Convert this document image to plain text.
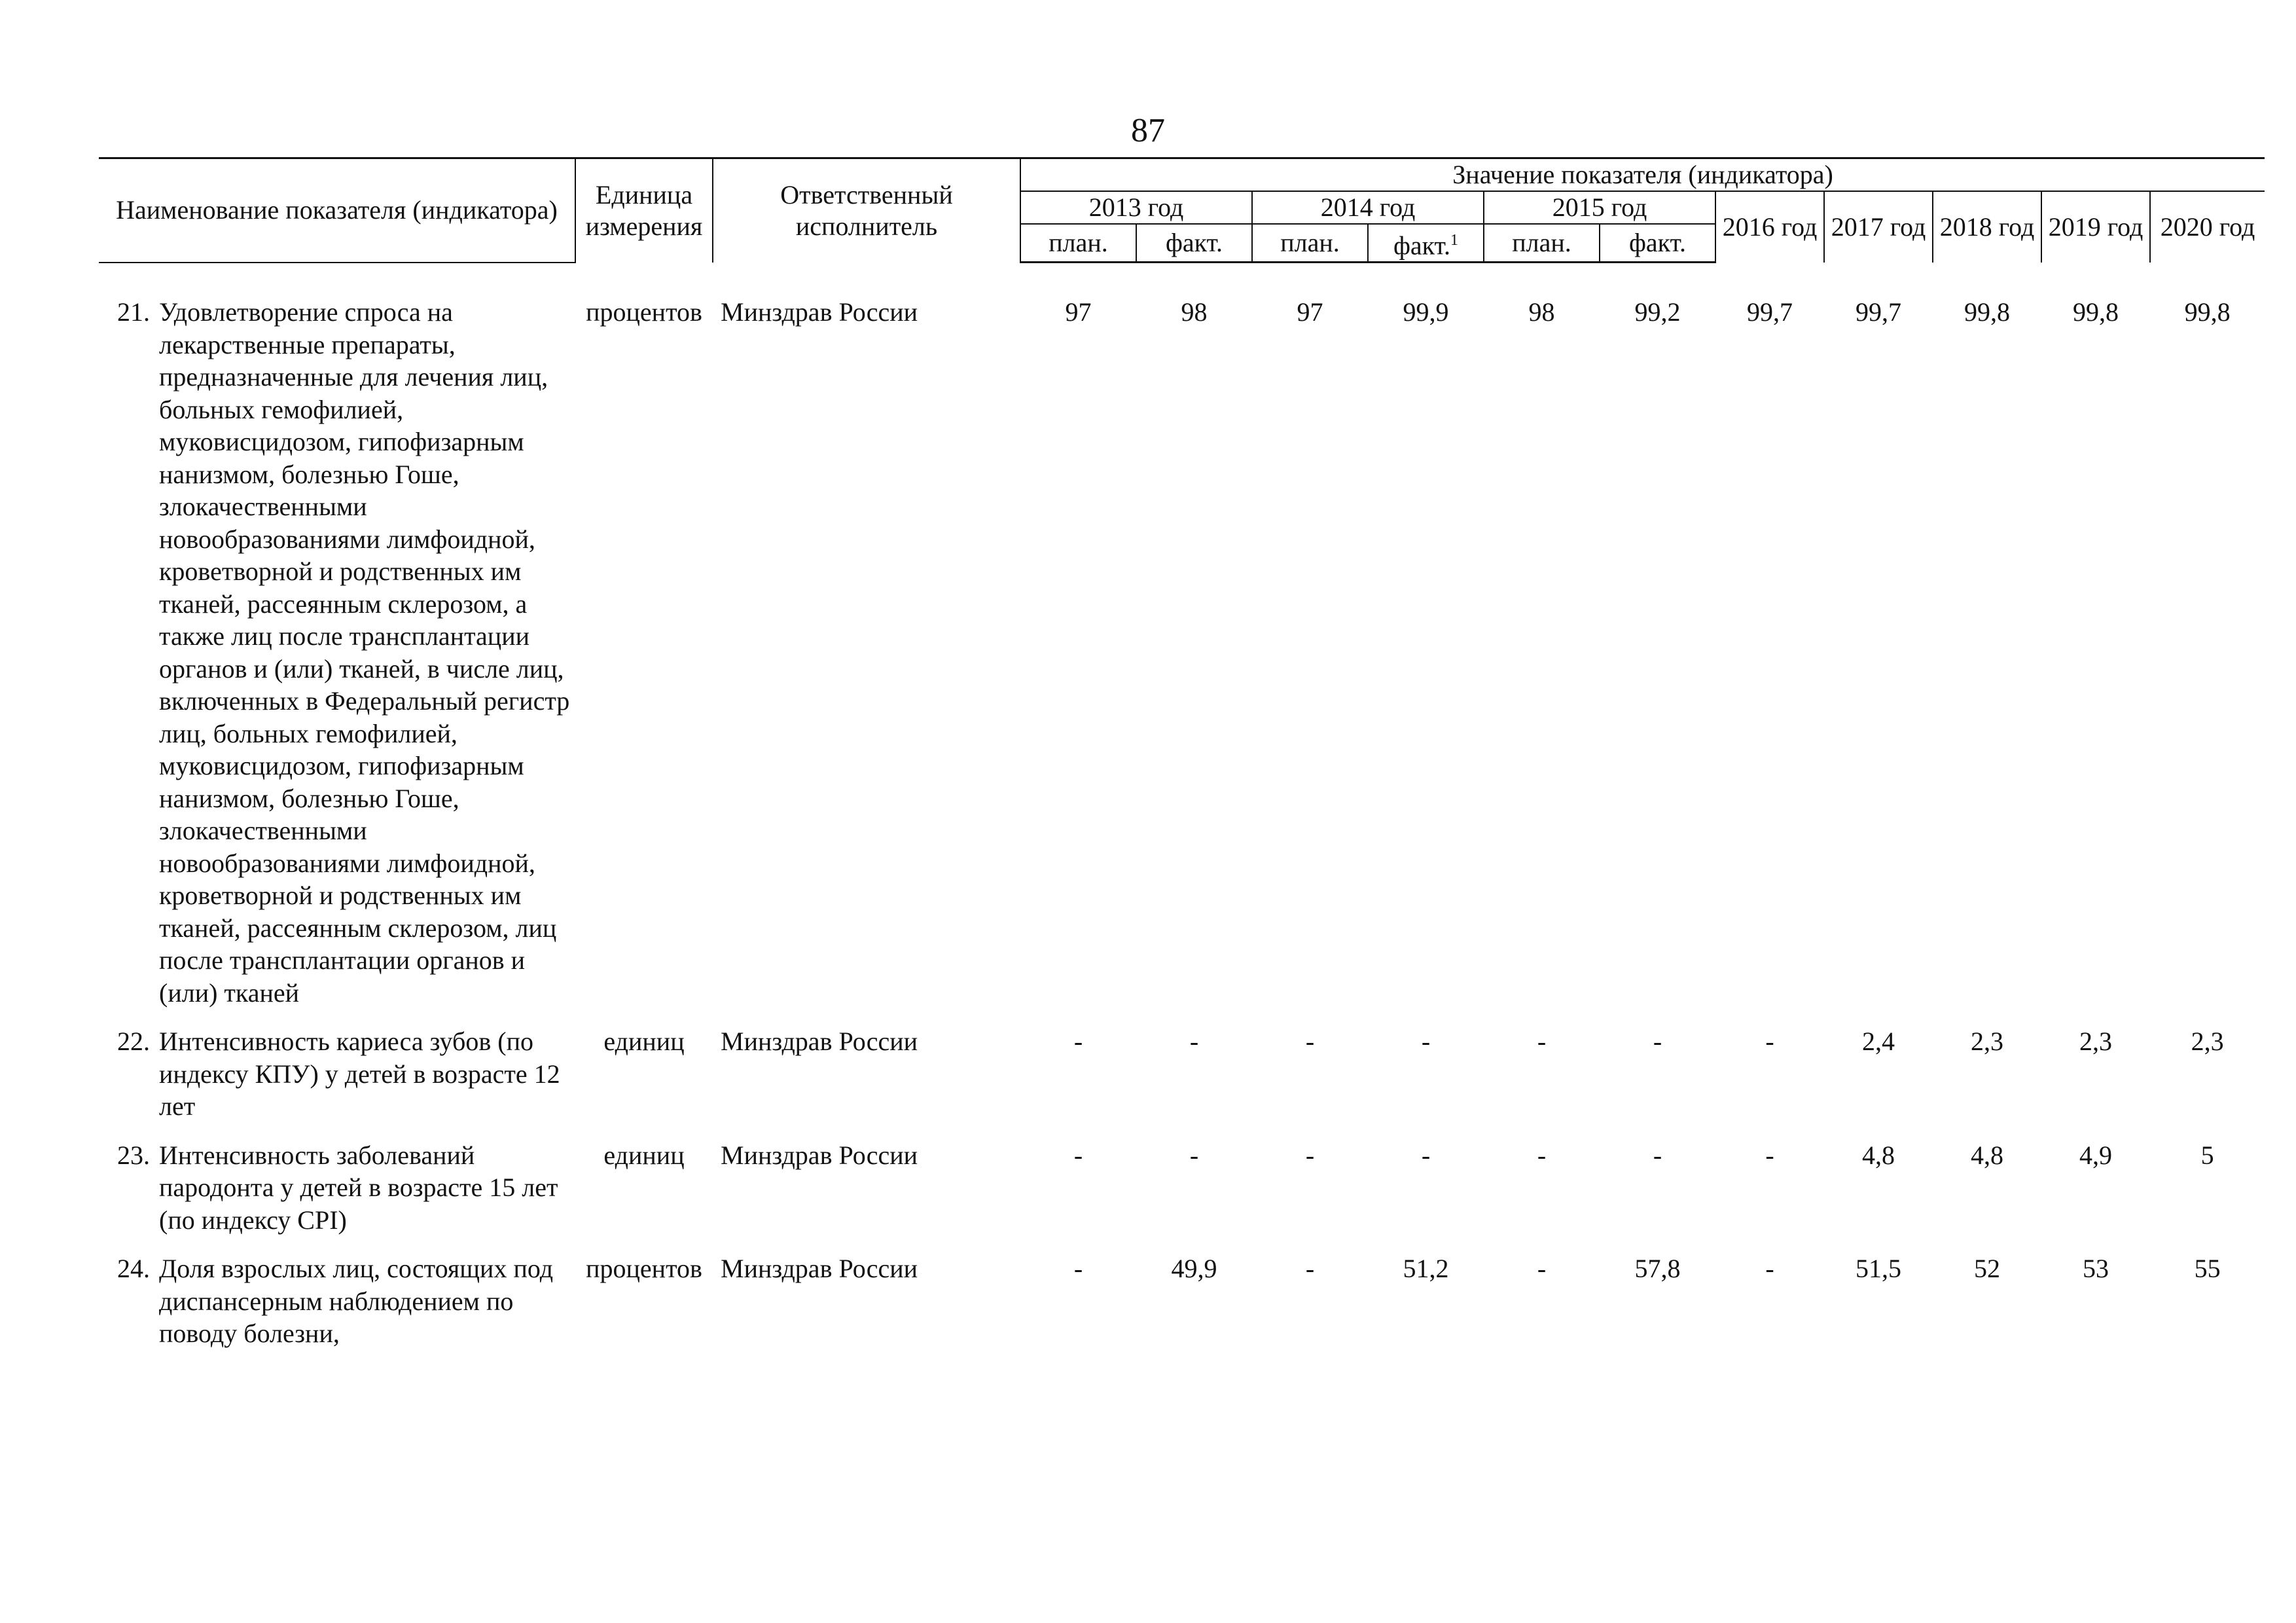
87
Наименование показателя (индикатора)	Единица измерения	Ответственный исполнитель	Значение показателя (индикатора)										
			2013 год		2014 год		2015 год		2016 год	2017 год	2018 год	2019 год	2020 год
			план.	факт.	план.	факт.$^1$	план.	факт.					

21. Удовлетворение спроса на лекарственные препараты, предназначенные для лечения лиц, больных гемофилией, муковисцидозом, гипофизарным нанизмом, болезнью Гоше, злокачественными новообразованиями лимфоидной, кроветворной и родственных им тканей, рассеянным склерозом, а также лиц после трансплантации органов и (или) тканей, в числе лиц, включенных в Федеральный регистр лиц, больных гемофилией, муковисцидозом, гипофизарным нанизмом, болезнью Гоше, злокачественными новообразованиями лимфоидной, кроветворной и родственных им тканей, рассеянным склерозом, лиц после трансплантации органов и (или) тканей	процентов	Минздрав России	97	98	97	99,9	98	99,2	99,7	99,7	99,8	99,8	99,8
22. Интенсивность кариеса зубов (по индексу КПУ) у детей в возрасте 12 лет	единиц	Минздрав России	-	-	-	-	-	-	-	2,4	2,3	2,3	2,3
23. Интенсивность заболеваний пародонта у детей в возрасте 15 лет (по индексу CPI)	единиц	Минздрав России	-	-	-	-	-	-	-	4,8	4,8	4,9	5
24. Доля взрослых лиц, состоящих под диспансерным наблюдением по поводу болезни,	процентов	Минздрав России	-	49,9	-	51,2	-	57,8	-	51,5	52	53	55
